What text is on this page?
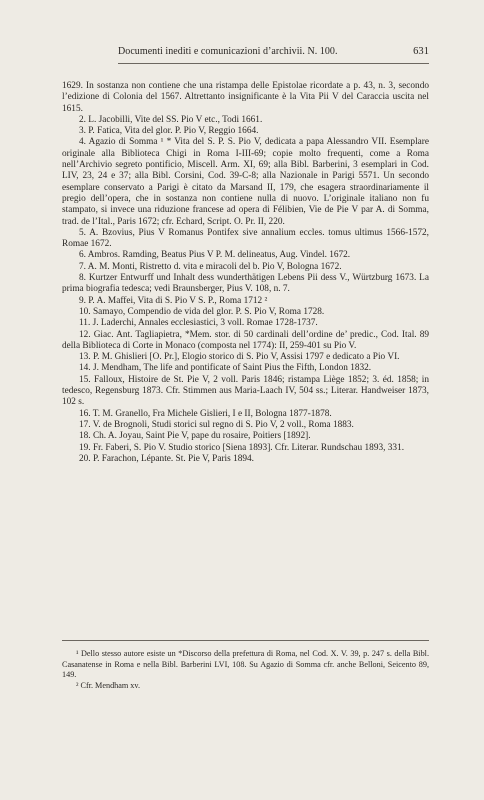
Documenti inediti e comunicazioni d’archivii. N. 100.	631

1629. In sostanza non contiene che una ristampa delle Epistolae ricordate a p. 43, n. 3, secondo l’edizione di Colonia del 1567. Altrettanto insignificante è la Vita Pii V del Caraccia uscita nel 1615.

2. L. Jacobilli, Vite del SS. Pio V etc., Todi 1661.

3. P. Fatica, Vita del glor. P. Pio V, Reggio 1664.

4. Agazio di Somma ¹ * Vita del S. P. S. Pio V, dedicata a papa Alessandro VII. Esemplare originale alla Biblioteca Chigi in Roma I-III-69; copie molto frequenti, come a Roma nell’Archivio segreto pontificio, Miscell. Arm. XI, 69; alla Bibl. Barberini, 3 esemplari in Cod. LIV, 23, 24 e 37; alla Bibl. Corsini, Cod. 39-C-8; alla Nazionale in Parigi 5571. Un secondo esemplare conservato a Parigi è citato da Marsand II, 179, che esagera straordinariamente il pregio dell’opera, che in sostanza non contiene nulla di nuovo. L’originale italiano non fu stampato, si invece una riduzione francese ad opera di Félibien, Vie de Pie V par A. di Somma, trad. de l’Ital., Paris 1672; cfr. Echard, Script. O. Pr. II, 220.

5. A. Bzovius, Pius V Romanus Pontifex sive annalium eccles. tomus ultimus 1566-1572, Romae 1672.

6. Ambros. Ramding, Beatus Pius V P. M. delineatus, Aug. Vindel. 1672.

7. A. M. Monti, Ristretto d. vita e miracoli del b. Pio V, Bologna 1672.

8. Kurtzer Entwurff und Inhalt dess wunderthätigen Lebens Pii dess V., Würtzburg 1673. La prima biografia tedesca; vedi Braunsberger, Pius V. 108, n. 7.

9. P. A. Maffei, Vita di S. Pio V S. P., Roma 1712 ²

10. Samayo, Compendio de vida del glor. P. S. Pio V, Roma 1728.

11. J. Laderchi, Annales ecclesiastici, 3 voll. Romae 1728-1737.

12. Giac. Ant. Tagliapietra, *Mem. stor. di 50 cardinali dell’ordine de’ predic., Cod. Ital. 89 della Biblioteca di Corte in Monaco (composta nel 1774): II, 259-401 su Pio V.

13. P. M. Ghislieri [O. Pr.], Elogio storico di S. Pio V, Assisi 1797 e dedicato a Pio VI.

14. J. Mendham, The life and pontificate of Saint Pius the Fifth, London 1832.

15. Falloux, Histoire de St. Pie V, 2 voll. Paris 1846; ristampa Liège 1852; 3. éd. 1858; in tedesco, Regensburg 1873. Cfr. Stimmen aus Maria-Laach IV, 504 ss.; Literar. Handweiser 1873, 102 s.

16. T. M. Granello, Fra Michele Gislieri, I e II, Bologna 1877-1878.

17. V. de Brognoli, Studi storici sul regno di S. Pio V, 2 voll., Roma 1883.

18. Ch. A. Joyau, Saint Pie V, pape du rosaire, Poitiers [1892].

19. Fr. Faberi, S. Pio V. Studio storico [Siena 1893]. Cfr. Literar. Rundschau 1893, 331.

20. P. Farachon, Lépante. St. Pie V, Paris 1894.

¹ Dello stesso autore esiste un *Discorso della prefettura di Roma, nel Cod. X. V. 39, p. 247 s. della Bibl. Casanatense in Roma e nella Bibl. Barberini LVI, 108. Su Agazio di Somma cfr. anche Belloni, Seicento 89, 149.

² Cfr. Mendham xv.
